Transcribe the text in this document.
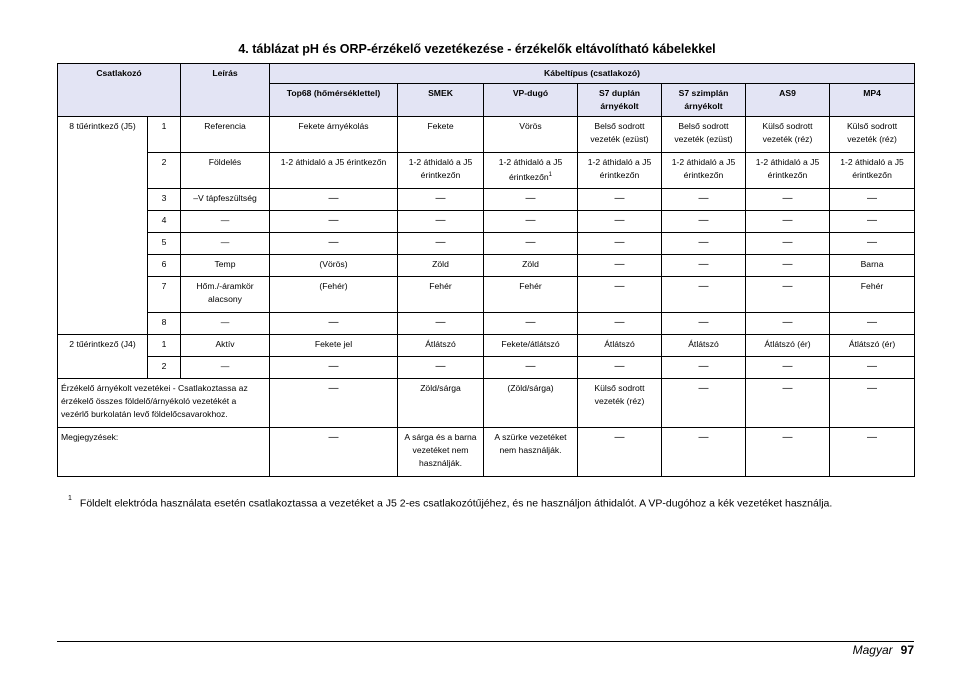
4. táblázat pH és ORP-érzékelő vezetékezése - érzékelők eltávolítható kábelekkel
Csatlakozó		Leírás	Kábeltípus (csatlakozó)						
			Top68 (hőmérséklettel)	SMEK	VP-dugó	S7 duplán árnyékolt	S7 szimplán árnyékolt	AS9	MP4
8 tűérintkező (J5)	1	Referencia	Fekete árnyékolás	Fekete	Vörös	Belső sodrott vezeték (ezüst)	Belső sodrott vezeték (ezüst)	Külső sodrott vezeték (réz)	Külső sodrott vezeték (réz)
	2	Földelés	1-2 áthidaló a J5 érintkezőn	1-2 áthidaló a J5 érintkezőn	1-2 áthidaló a J5 érintkezőn$^1$	1-2 áthidaló a J5 érintkezőn	1-2 áthidaló a J5 érintkezőn	1-2 áthidaló a J5 érintkezőn	1-2 áthidaló a J5 érintkezőn
	3	–V tápfeszültség	—	—	—	—	—	—	—
	4	—	—	—	—	—	—	—	—
	5	—	—	—	—	—	—	—	—
	6	Temp	(Vörös)	Zöld	Zöld	—	—	—	Barna
	7	Hőm./-áramkör alacsony	(Fehér)	Fehér	Fehér	—	—	—	Fehér
	8	—	—	—	—	—	—	—	—
2 tűérintkező (J4)	1	Aktív	Fekete jel	Átlátszó	Fekete/átlátszó	Átlátszó	Átlátszó	Átlátszó (ér)	Átlátszó (ér)
	2	—	—	—	—	—	—	—	—
Érzékelő árnyékolt vezetékei - Csatlakoztassa az érzékelő összes földelő/árnyékoló vezetékét a vezérlő burkolatán levő földelőcsavarokhoz.			—	Zöld/sárga	(Zöld/sárga)	Külső sodrott vezeték (réz)	—	—	—
Megjegyzések:			—	A sárga és a barna vezetéket nem használják.	A szürke vezetéket nem használják.	—	—	—	—
$^1$ Földelt elektróda használata esetén csatlakoztassa a vezetéket a J5 2-es csatlakozótűjéhez, és ne használjon áthidalót. A VP-dugóhoz a kék vezetéket használja.
Magyar 97
